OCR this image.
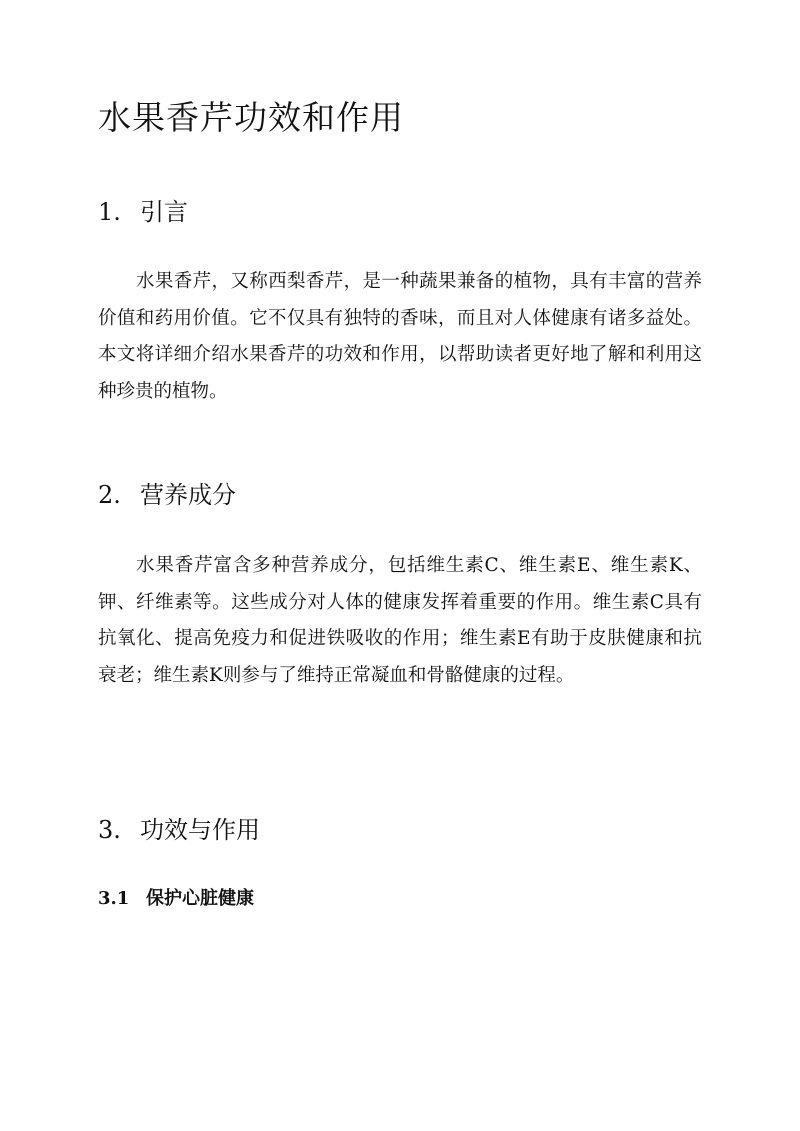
水果香芹功效和作用
1. 引言

水果香芹，又称西梨香芹，是一种蔬果兼备的植物，具有丰富的营养价值和药用价值。它不仅具有独特的香味，而且对人体健康有诸多益处。本文将详细介绍水果香芹的功效和作用，以帮助读者更好地了解和利用这种珍贵的植物。

2. 营养成分

水果香芹富含多种营养成分，包括维生素C、维生素E、维生素K、钾、纤维素等。这些成分对人体的健康发挥着重要的作用。维生素C具有抗氧化、提高免疫力和促进铁吸收的作用；维生素E有助于皮肤健康和抗衰老；维生素K则参与了维持正常凝血和骨骼健康的过程。

3. 功效与作用
3.1 保护心脏健康
